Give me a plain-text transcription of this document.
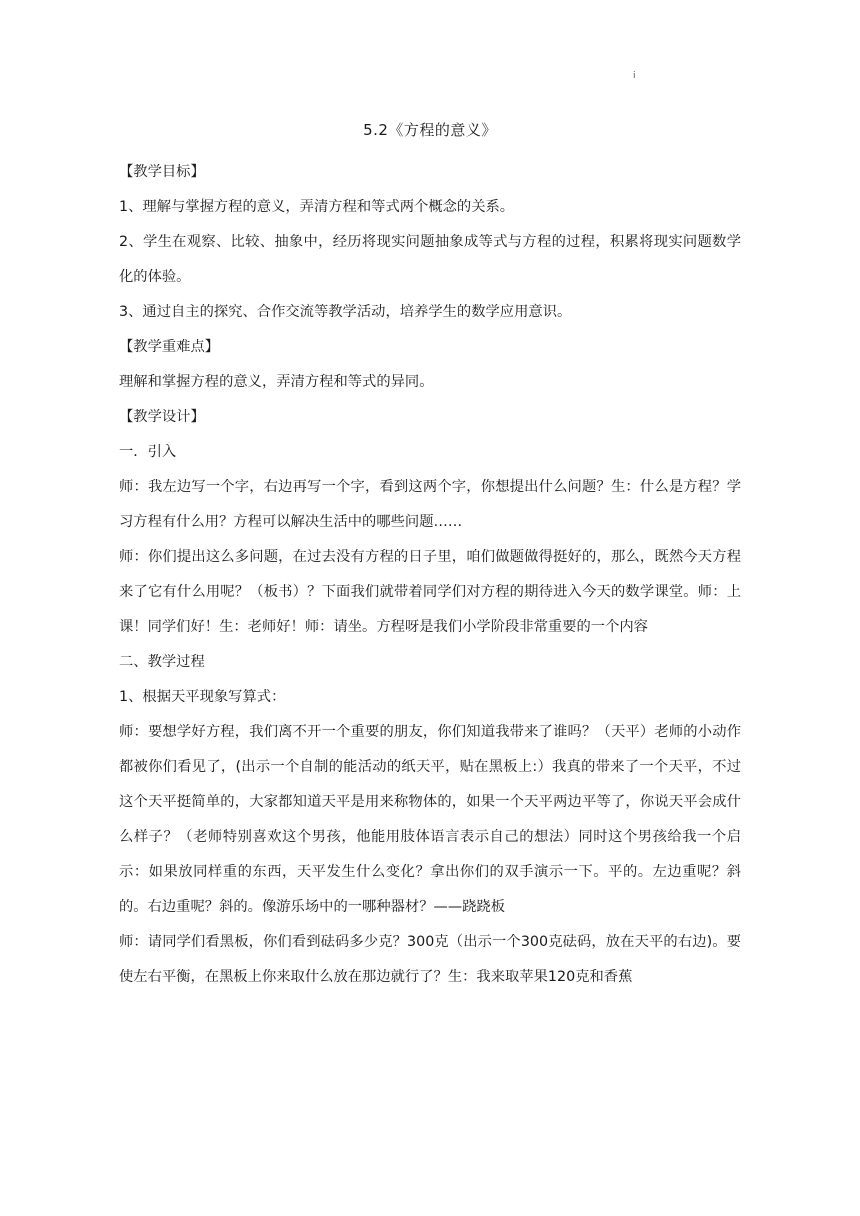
i
5.2《方程的意义》

【教学目标】

1、理解与掌握方程的意义，弄清方程和等式两个概念的关系。

2、学生在观察、比较、抽象中，经历将现实问题抽象成等式与方程的过程，积累将现实问题数学化的体验。

3、通过自主的探究、合作交流等教学活动，培养学生的数学应用意识。

【教学重难点】

理解和掌握方程的意义，弄清方程和等式的异同。

【教学设计】

一．引入

师：我左边写一个字，右边再写一个字，看到这两个字，你想提出什么问题？生：什么是方程？学习方程有什么用？方程可以解决生活中的哪些问题……

师：你们提出这么多问题，在过去没有方程的日子里，咱们做题做得挺好的，那么，既然今天方程来了它有什么用呢？（板书）？下面我们就带着同学们对方程的期待进入今天的数学课堂。师：上课！同学们好！生：老师好！师：请坐。方程呀是我们小学阶段非常重要的一个内容

二、教学过程

1、根据天平现象写算式：

师：要想学好方程，我们离不开一个重要的朋友，你们知道我带来了谁吗？（天平）老师的小动作都被你们看见了，(出示一个自制的能活动的纸天平，贴在黑板上:）我真的带来了一个天平，不过这个天平挺简单的，大家都知道天平是用来称物体的，如果一个天平两边平等了，你说天平会成什么样子？（老师特别喜欢这个男孩，他能用肢体语言表示自己的想法）同时这个男孩给我一个启示：如果放同样重的东西，天平发生什么变化？拿出你们的双手演示一下。平的。左边重呢？斜的。右边重呢？斜的。像游乐场中的一哪种器材？——跷跷板

师：请同学们看黑板，你们看到砝码多少克？300克（出示一个300克砝码，放在天平的右边)。要使左右平衡，在黑板上你来取什么放在那边就行了？生：我来取苹果120克和香蕉
